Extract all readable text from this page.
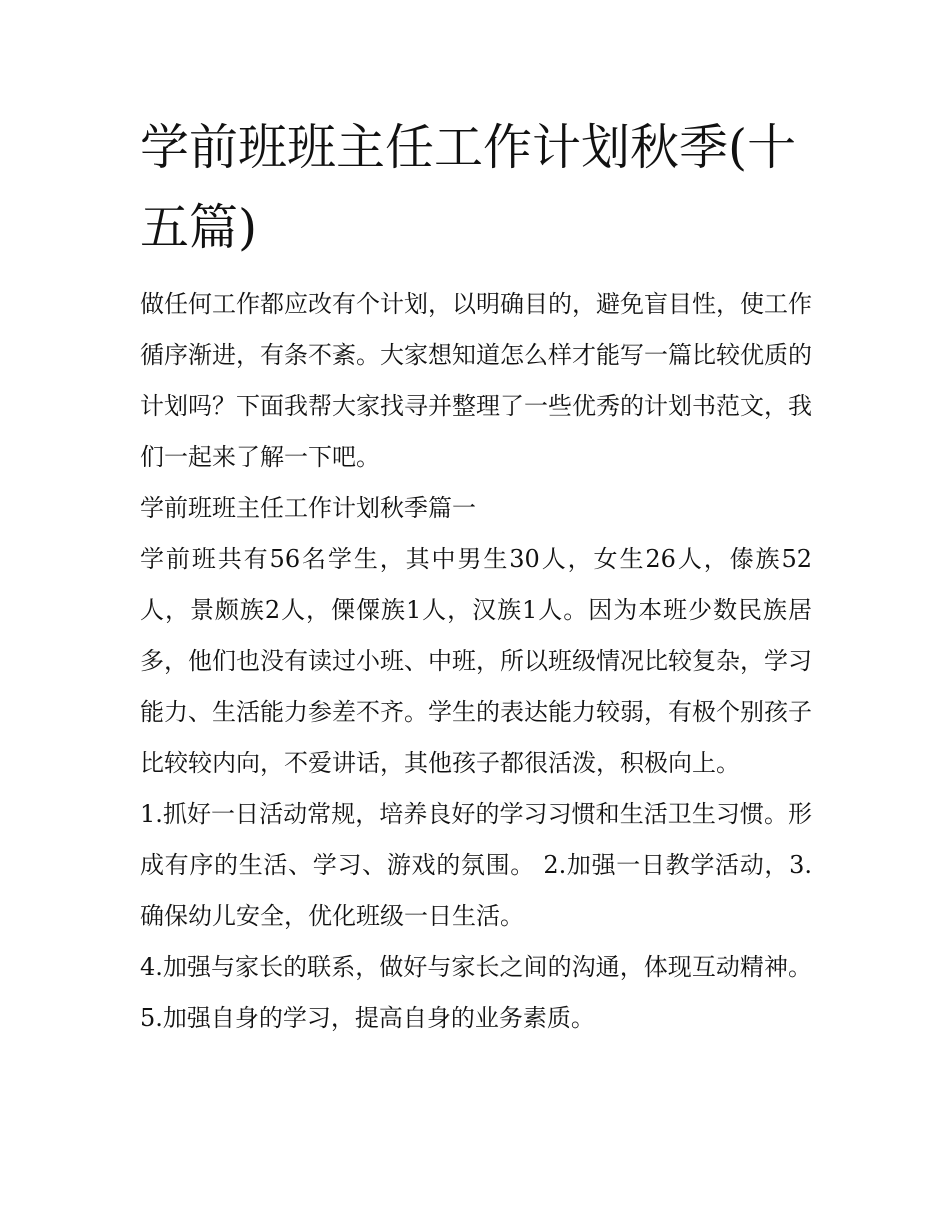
学前班班主任工作计划秋季(十五篇)

做任何工作都应改有个计划，以明确目的，避免盲目性，使工作循序渐进，有条不紊。大家想知道怎么样才能写一篇比较优质的计划吗？下面我帮大家找寻并整理了一些优秀的计划书范文，我们一起来了解一下吧。

学前班班主任工作计划秋季篇一

学前班共有56名学生，其中男生30人，女生26人，傣族52人，景颇族2人，傈僳族1人，汉族1人。因为本班少数民族居多，他们也没有读过小班、中班，所以班级情况比较复杂，学习能力、生活能力参差不齐。学生的表达能力较弱，有极个别孩子比较较内向，不爱讲话，其他孩子都很活泼，积极向上。

1.抓好一日活动常规，培养良好的学习习惯和生活卫生习惯。形成有序的生活、学习、游戏的氛围。 2.加强一日教学活动，3.确保幼儿安全，优化班级一日生活。

4.加强与家长的联系，做好与家长之间的沟通，体现互动精神。 5.加强自身的学习，提高自身的业务素质。
